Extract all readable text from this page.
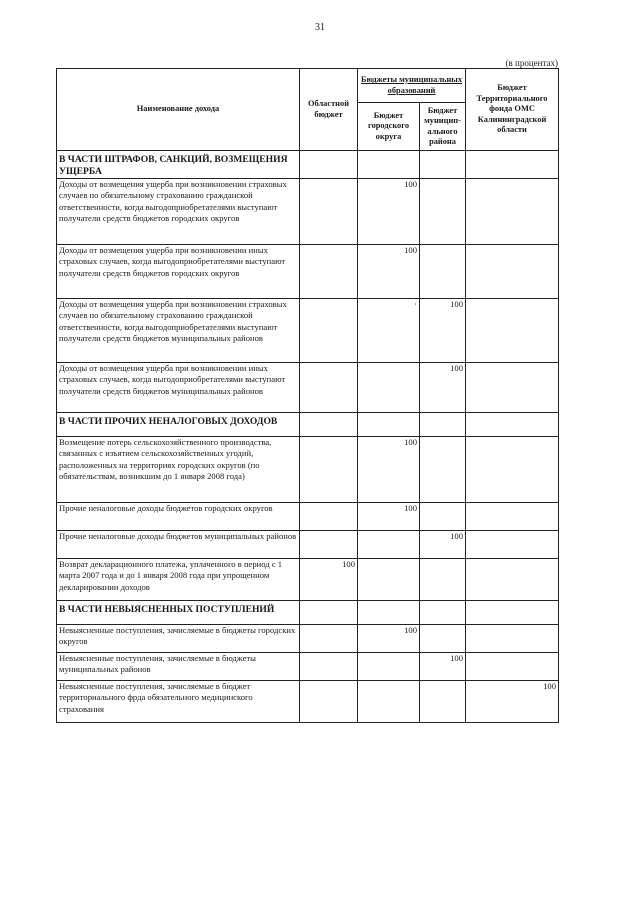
31
(в процентах)
Наименование дохода	Областной бюджет	Бюджеты муниципальных образований		Бюджет Территориального фонда ОМС Калининградской области
		Бюджет городского округа	Бюджет муницип-ального района	
В ЧАСТИ ШТРАФОВ, САНКЦИЙ, ВОЗМЕЩЕНИЯ УЩЕРБА				
Доходы от возмещения ущерба при возникновении страховых случаев по обязательному страхованию гражданской ответственности, когда выгодоприобретателями выступают получатели средств бюджетов городских округов		100		
Доходы от возмещения ущерба при возникновении иных страховых случаев, когда выгодоприобретателями выступают получатели средств бюджетов городских округов		100		
Доходы от возмещения ущерба при возникновении страховых случаев по обязательному страхованию гражданской ответственности, когда выгодоприобретателями выступают получатели средств бюджетов муниципальных районов		·	100	
Доходы от возмещения ущерба при возникновении иных страховых случаев, когда выгодоприобретателями выступают получатели средств бюджетов муниципальных районов			100	
В ЧАСТИ ПРОЧИХ НЕНАЛОГОВЫХ ДОХОДОВ				
Возмещение потерь сельскохозяйственного производства, связанных с изъятием сельскохозяйственных угодий, расположенных на территориях городских округов (по обязательствам, возникшим до 1 января 2008 года)		100		
Прочие неналоговые доходы бюджетов городских округов		100		
Прочие неналоговые доходы бюджетов муниципальных районов			100	
Возврат декларационного платежа, уплаченного в период с 1 марта 2007 года и до 1 января 2008 года при упрощенном декларировании доходов	100			
В ЧАСТИ НЕВЫЯСНЕННЫХ ПОСТУПЛЕНИЙ				
Невыясненные поступления, зачисляемые в бюджеты городских округов		100		
Невыясненные поступления, зачисляемые в бюджеты муниципальных районов			100	
Невыясненные поступления, зачисляемые в бюджет территориального фрда обязательного медицинского страхования				100
